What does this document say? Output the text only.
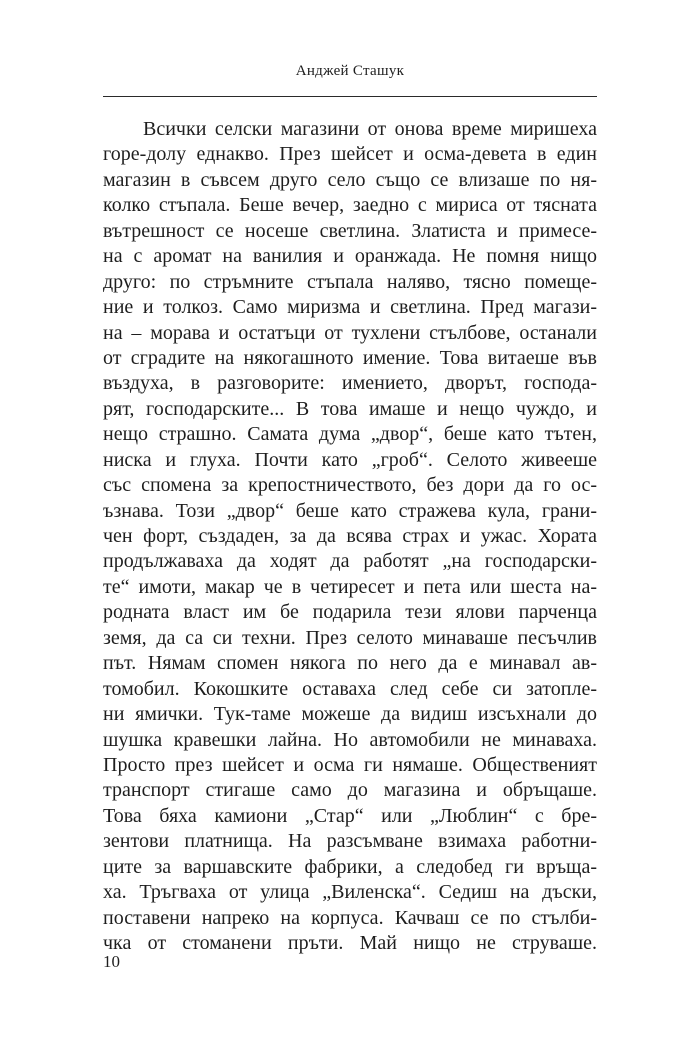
Анджей Сташук
Всички селски магазини от онова време миришеха
горе-долу еднакво. През шейсет и осма-девета в един
магазин в съвсем друго село също се влизаше по ня-
колко стъпала. Беше вечер, заедно с мириса от тясната
вътрешност се носеше светлина. Златиста и примесе-
на с аромат на ванилия и оранжада. Не помня нищо
друго: по стръмните стъпала наляво, тясно помеще-
ние и толкоз. Само миризма и светлина. Пред магази-
на – морава и остатъци от тухлени стълбове, останали
от сградите на някогашното имение. Това витаеше във
въздуха, в разговорите: имението, дворът, господа-
рят, господарските... В това имаше и нещо чуждо, и
нещо страшно. Самата дума „двор“, беше като тътен,
ниска и глуха. Почти като „гроб“. Селото живееше
със спомена за крепостничеството, без дори да го ос-
ъзнава. Този „двор“ беше като стражева кула, грани-
чен форт, създаден, за да всява страх и ужас. Хората
продължаваха да ходят да работят „на господарски-
те“ имоти, макар че в четиресет и пета или шеста на-
родната власт им бе подарила тези ялови парченца
земя, да са си техни. През селото минаваше песъчлив
път. Нямам спомен някога по него да е минавал ав-
томобил. Кокошките оставаха след себе си затопле-
ни ямички. Тук-таме можеше да видиш изсъхнали до
шушка кравешки лайна. Но автомобили не минаваха.
Просто през шейсет и осма ги нямаше. Общественият
транспорт стигаше само до магазина и обръщаше.
Това бяха камиони „Стар“ или „Люблин“ с бре-
зентови платнища. На разсъмване взимаха работни-
ците за варшавските фабрики, а следобед ги връща-
ха. Тръгваха от улица „Виленска“. Седиш на дъски,
поставени напреко на корпуса. Качваш се по стълби-
чка от стоманени пръти. Май нищо не струваше.
10
